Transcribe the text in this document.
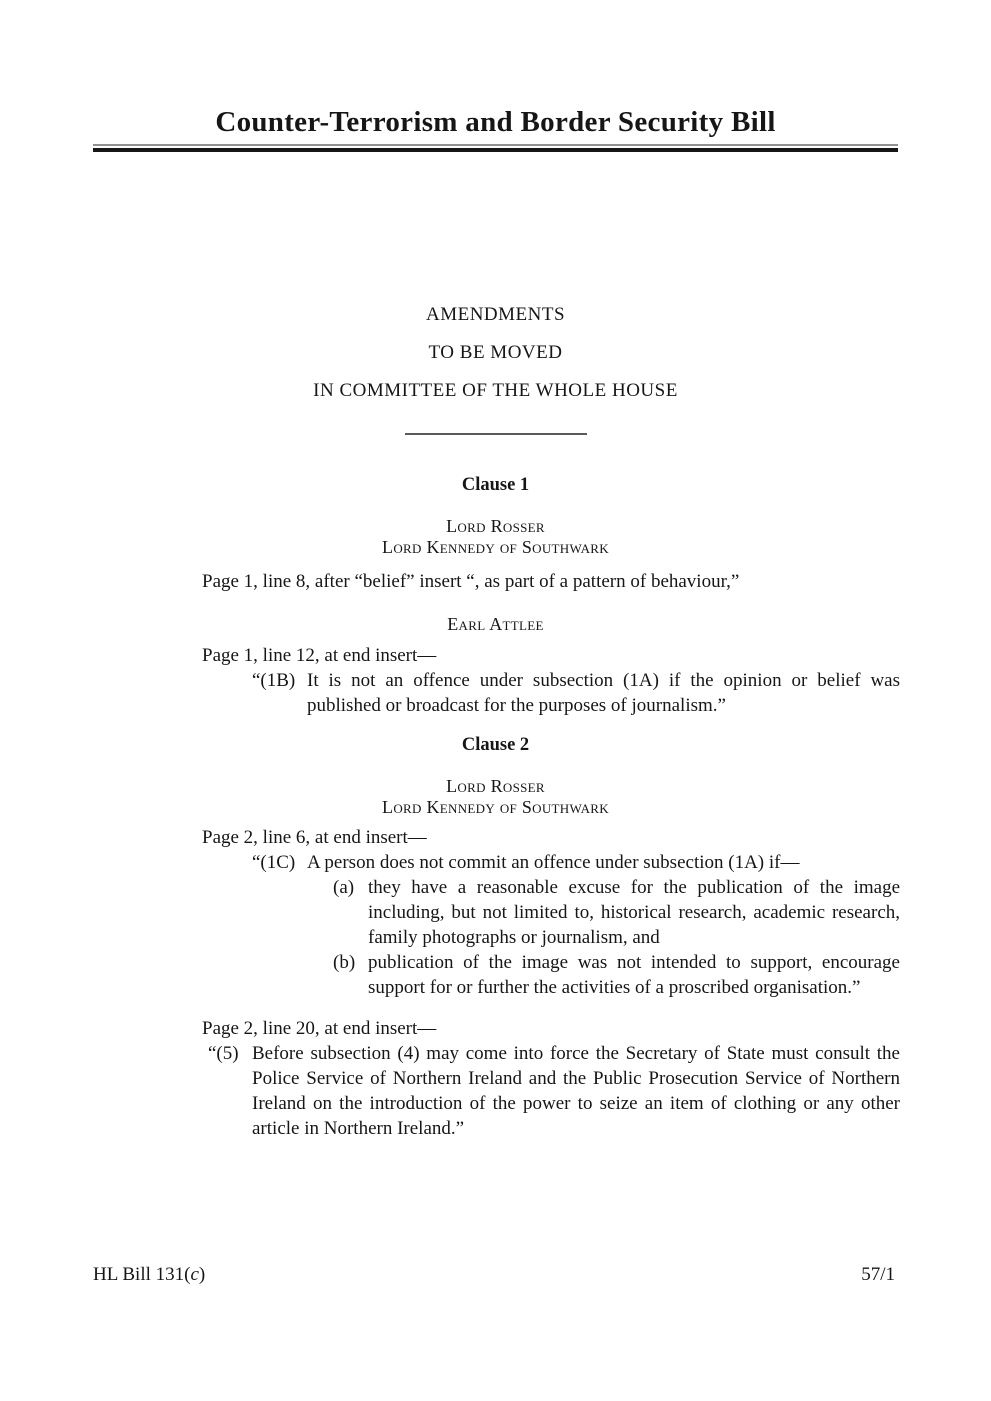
Counter-Terrorism and Border Security Bill
AMENDMENTS
TO BE MOVED
IN COMMITTEE OF THE WHOLE HOUSE
Clause 1
Lord Rosser
Lord Kennedy of Southwark
Page 1, line 8, after “belief” insert “, as part of a pattern of behaviour,”
Earl Attlee
Page 1, line 12, at end insert—
“(1B) It is not an offence under subsection (1A) if the opinion or belief was published or broadcast for the purposes of journalism.”
Clause 2
Lord Rosser
Lord Kennedy of Southwark
Page 2, line 6, at end insert—
“(1C) A person does not commit an offence under subsection (1A) if—
(a) they have a reasonable excuse for the publication of the image including, but not limited to, historical research, academic research, family photographs or journalism, and
(b) publication of the image was not intended to support, encourage support for or further the activities of a proscribed organisation.”
Page 2, line 20, at end insert—
“(5) Before subsection (4) may come into force the Secretary of State must consult the Police Service of Northern Ireland and the Public Prosecution Service of Northern Ireland on the introduction of the power to seize an item of clothing or any other article in Northern Ireland.”
HL Bill 131(c)	57/1
